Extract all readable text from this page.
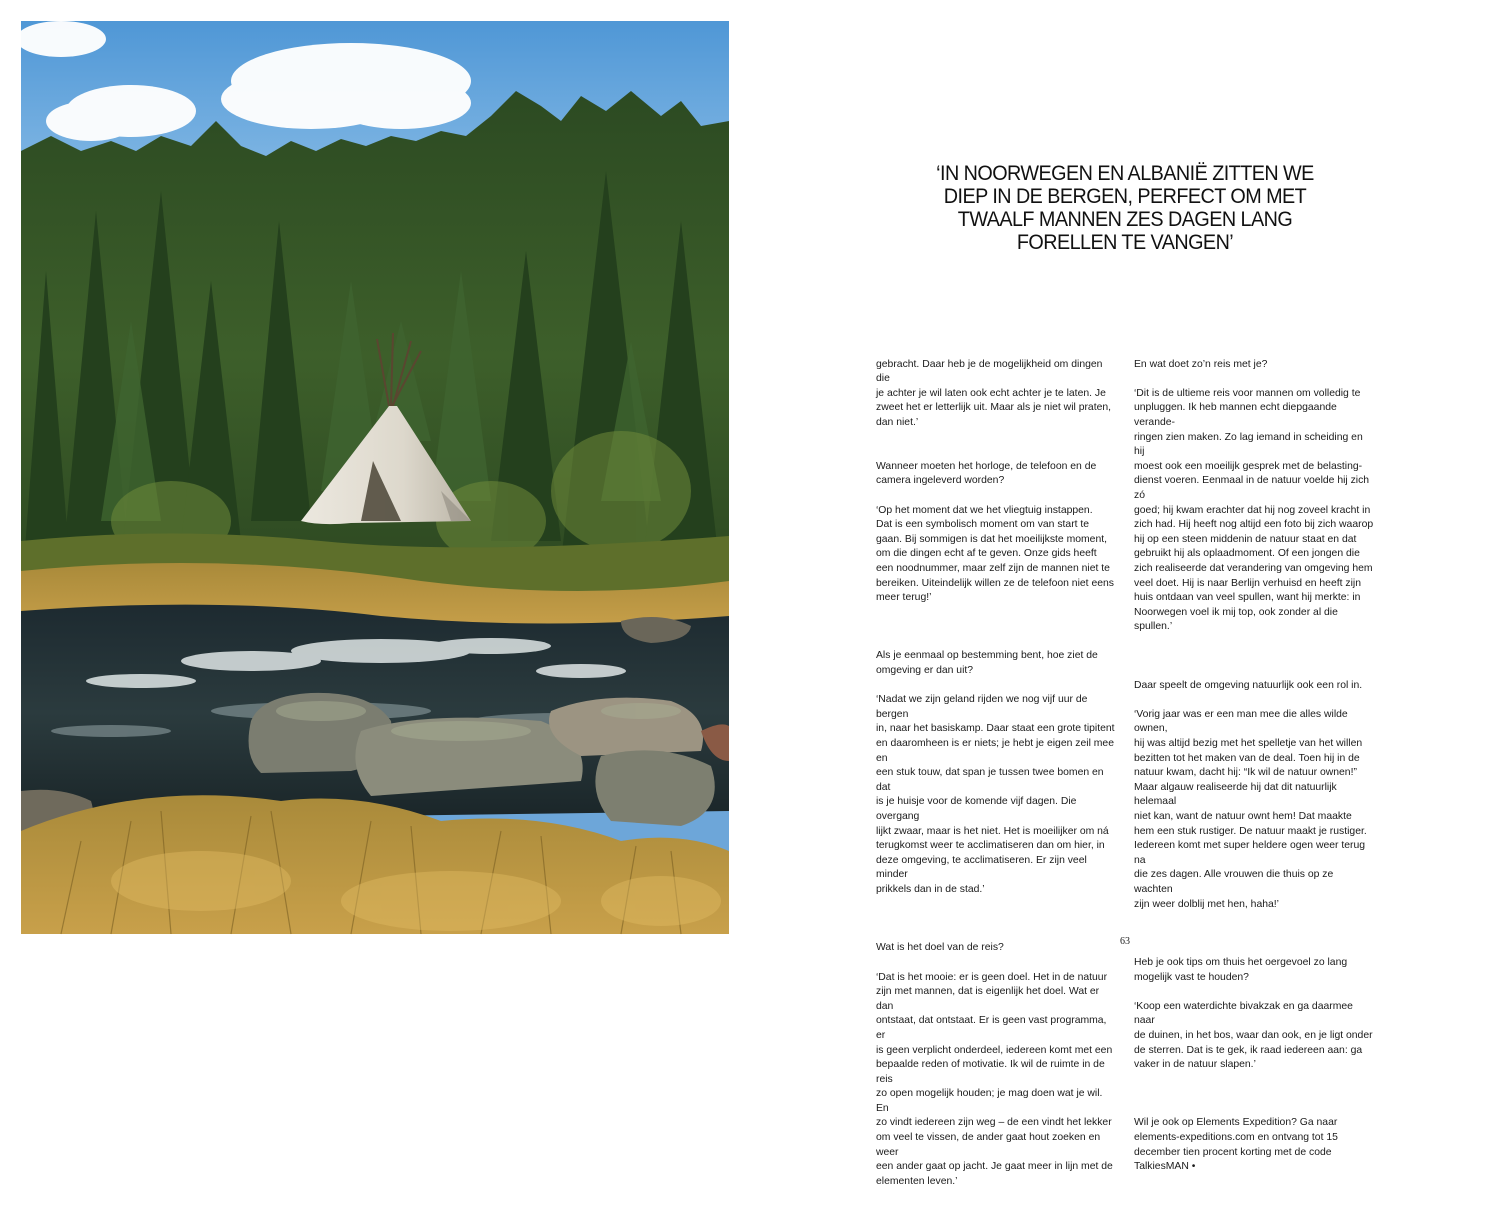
‘IN NOORWEGEN EN ALBANIË ZITTEN WE DIEP IN DE BERGEN, PERFECT OM MET TWAALF MANNEN ZES DAGEN LANG FORELLEN TE VANGEN’

gebracht. Daar heb je de mogelijkheid om dingen die
je achter je wil laten ook echt achter je te laten. Je
zweet het er letterlijk uit. Maar als je niet wil praten,
dan niet.’

Wanneer moeten het horloge, de telefoon en de
camera ingeleverd worden?

‘Op het moment dat we het vliegtuig instappen.
Dat is een symbolisch moment om van start te
gaan. Bij sommigen is dat het moeilijkste moment,
om die dingen echt af te geven. Onze gids heeft
een noodnummer, maar zelf zijn de mannen niet te
bereiken. Uiteindelijk willen ze de telefoon niet eens
meer terug!’

Als je eenmaal op bestemming bent, hoe ziet de
omgeving er dan uit?

‘Nadat we zijn geland rijden we nog vijf uur de bergen
in, naar het basiskamp. Daar staat een grote tipitent
en daaromheen is er niets; je hebt je eigen zeil mee en
een stuk touw, dat span je tussen twee bomen en dat
is je huisje voor de komende vijf dagen. Die overgang
lijkt zwaar, maar is het niet. Het is moeilijker om ná
terugkomst weer te acclimatiseren dan om hier, in
deze omgeving, te acclimatiseren. Er zijn veel minder
prikkels dan in de stad.’

Wat is het doel van de reis?

‘Dat is het mooie: er is geen doel. Het in de natuur
zijn met mannen, dat is eigenlijk het doel. Wat er dan
ontstaat, dat ontstaat. Er is geen vast programma, er
is geen verplicht onderdeel, iedereen komt met een
bepaalde reden of motivatie. Ik wil de ruimte in de reis
zo open mogelijk houden; je mag doen wat je wil. En
zo vindt iedereen zijn weg – de een vindt het lekker
om veel te vissen, de ander gaat hout zoeken en weer
een ander gaat op jacht. Je gaat meer in lijn met de
elementen leven.’

En wat doet zo’n reis met je?

‘Dit is de ultieme reis voor mannen om volledig te
unpluggen. Ik heb mannen echt diepgaande verande-
ringen zien maken. Zo lag iemand in scheiding en hij
moest ook een moeilijk gesprek met de belasting-
dienst voeren. Eenmaal in de natuur voelde hij zich zó
goed; hij kwam erachter dat hij nog zoveel kracht in
zich had. Hij heeft nog altijd een foto bij zich waarop
hij op een steen middenin de natuur staat en dat
gebruikt hij als oplaadmoment. Of een jongen die
zich realiseerde dat verandering van omgeving hem
veel doet. Hij is naar Berlijn verhuisd en heeft zijn
huis ontdaan van veel spullen, want hij merkte: in
Noorwegen voel ik mij top, ook zonder al die spullen.’

Daar speelt de omgeving natuurlijk ook een rol in.

‘Vorig jaar was er een man mee die alles wilde ownen,
hij was altijd bezig met het spelletje van het willen
bezitten tot het maken van de deal. Toen hij in de
natuur kwam, dacht hij: “Ik wil de natuur ownen!”
Maar algauw realiseerde hij dat dit natuurlijk helemaal
niet kan, want de natuur ownt hem! Dat maakte
hem een stuk rustiger. De natuur maakt je rustiger.
Iedereen komt met super heldere ogen weer terug na
die zes dagen. Alle vrouwen die thuis op ze wachten
zijn weer dolblij met hen, haha!’

Heb je ook tips om thuis het oergevoel zo lang
mogelijk vast te houden?

‘Koop een waterdichte bivakzak en ga daarmee naar
de duinen, in het bos, waar dan ook, en je ligt onder
de sterren. Dat is te gek, ik raad iedereen aan: ga
vaker in de natuur slapen.’

Wil je ook op Elements Expedition? Ga naar
elements-expeditions.com en ontvang tot 15
december tien procent korting met de code
TalkiesMAN •

63
